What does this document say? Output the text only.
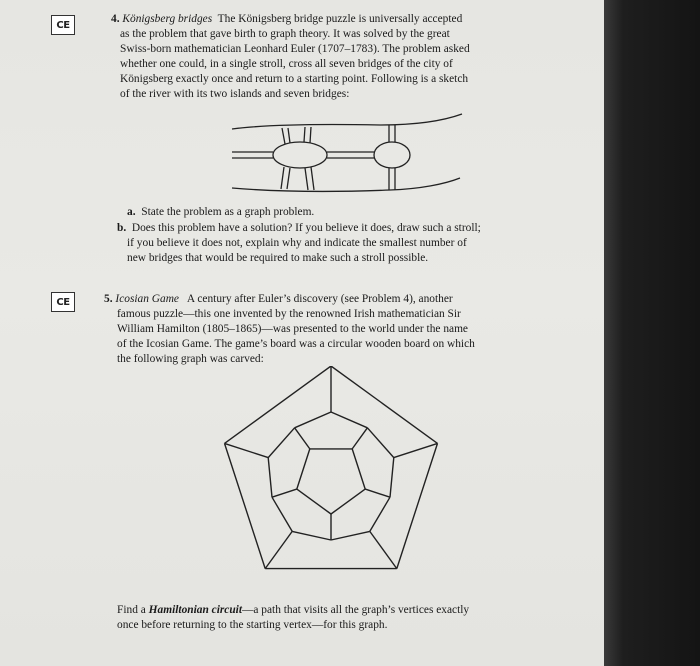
CE	4. Königsberg bridges The Königsberg bridge puzzle is universally accepted
as the problem that gave birth to graph theory. It was solved by the great
Swiss-born mathematician Leonhard Euler (1707–1783). The problem asked
whether one could, in a single stroll, cross all seven bridges of the city of
Königsberg exactly once and return to a starting point. Following is a sketch
of the river with its two islands and seven bridges:
a. State the problem as a graph problem.
b. Does this problem have a solution? If you believe it does, draw such a stroll;
if you believe it does not, explain why and indicate the smallest number of
new bridges that would be required to make such a stroll possible.
CE	5. Icosian Game A century after Euler’s discovery (see Problem 4), another
famous puzzle—this one invented by the renowned Irish mathematician Sir
William Hamilton (1805–1865)—was presented to the world under the name
of the Icosian Game. The game’s board was a circular wooden board on which
the following graph was carved:
Find a Hamiltonian circuit—a path that visits all the graph’s vertices exactly
once before returning to the starting vertex—for this graph.
